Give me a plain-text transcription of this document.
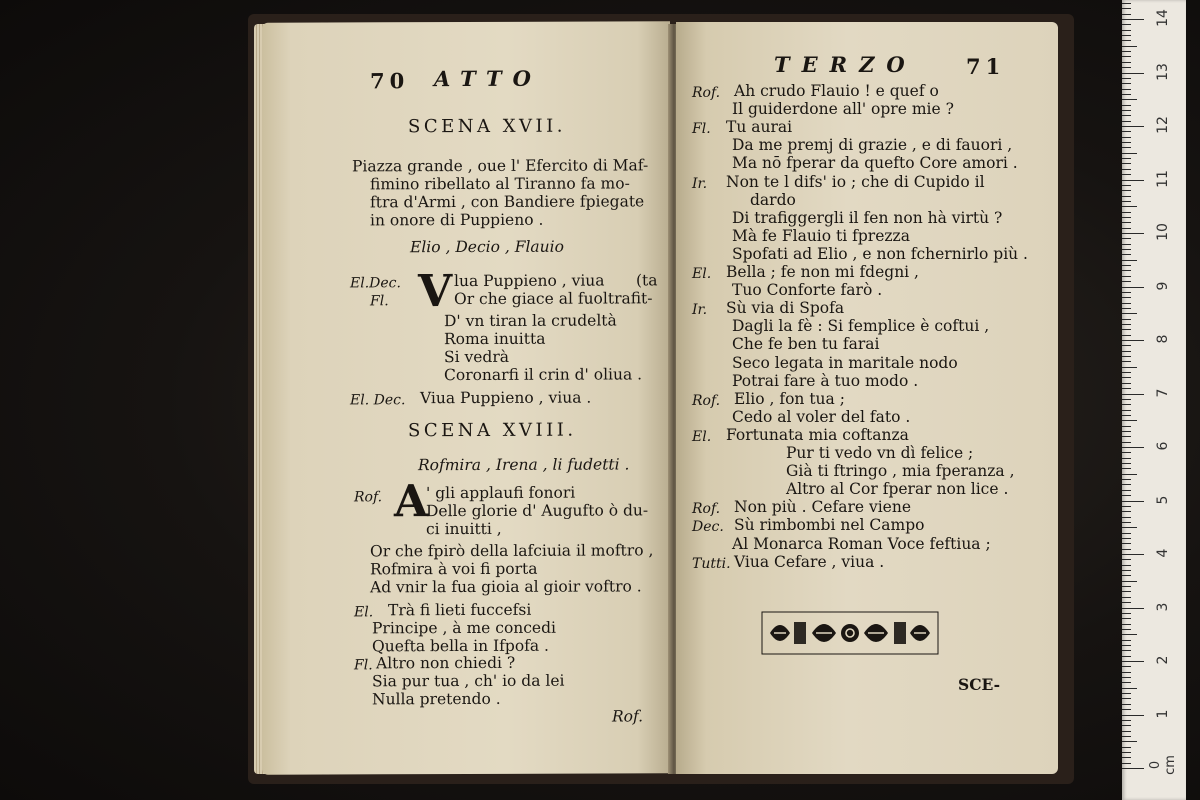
70 ATTO
SCENA XVII.
Piazza grande , oue l' Efercito di Maf-
fimino ribellato al Tiranno fa mo-
ftra d'Armi , con Bandiere fpiegate
in onore di Puppieno .
Elio , Decio , Flauio
El.Dec.
Fl. V lua Puppieno , viua (ta
Or che giace al fuoltrafit-
D' vn tiran la crudeltà
Roma inuitta
Si vedrà
Coronarfi il crin d' oliua .
El. Dec. Viua Puppieno , viua .
SCENA XVIII.
Rofmira , Irena , li fudetti .
Rof. A
' gli applaufi fonori
Delle glorie d' Augufto ò du-
ci inuitti ,
Or che fpirò della lafciuia il moftro ,
Rofmira à voi fi porta
Ad vnir la fua gioia al gioir voftro .
El. Trà fi lieti fuccefsi
Principe , à me concedi
Quefta bella in Ifpofa .
Fl. Altro non chiedi ?
Sia pur tua , ch' io da lei
Nulla pretendo .
Rof.
TERZO 71
Rof. Ah crudo Flauio ! e quef o
Il guiderdone all' opre mie ?
Fl. Tu aurai
Da me premj di grazie , e di fauori ,
Ma nō fperar da quefto Core amori .
Ir. Non te l difs' io ; che di Cupido il
dardo
Di trafiggergli il fen non hà virtù ?
Mà fe Flauio ti fprezza
Spofati ad Elio , e non fchernirlo più .
El. Bella ; fe non mi fdegni ,
Tuo Conforte farò .
Ir. Sù via di Spofa
Dagli la fè : Si femplice è coftui ,
Che fe ben tu farai
Seco legata in maritale nodo
Potrai fare à tuo modo .
Rof. Elio , fon tua ;
Cedo al voler del fato .
El. Fortunata mia coftanza
Pur ti vedo vn dì felice ;
Già ti ftringo , mia fperanza ,
Altro al Cor fperar non lice .
Rof. Non più . Cefare viene
Dec. Sù rimbombi nel Campo
Al Monarca Roman Voce feftiua ;
Tutti. Viua Cefare , viua .
SCE-
14
13
12
11
10
9
8
7
6
5
4
3
2
1
0 cm
